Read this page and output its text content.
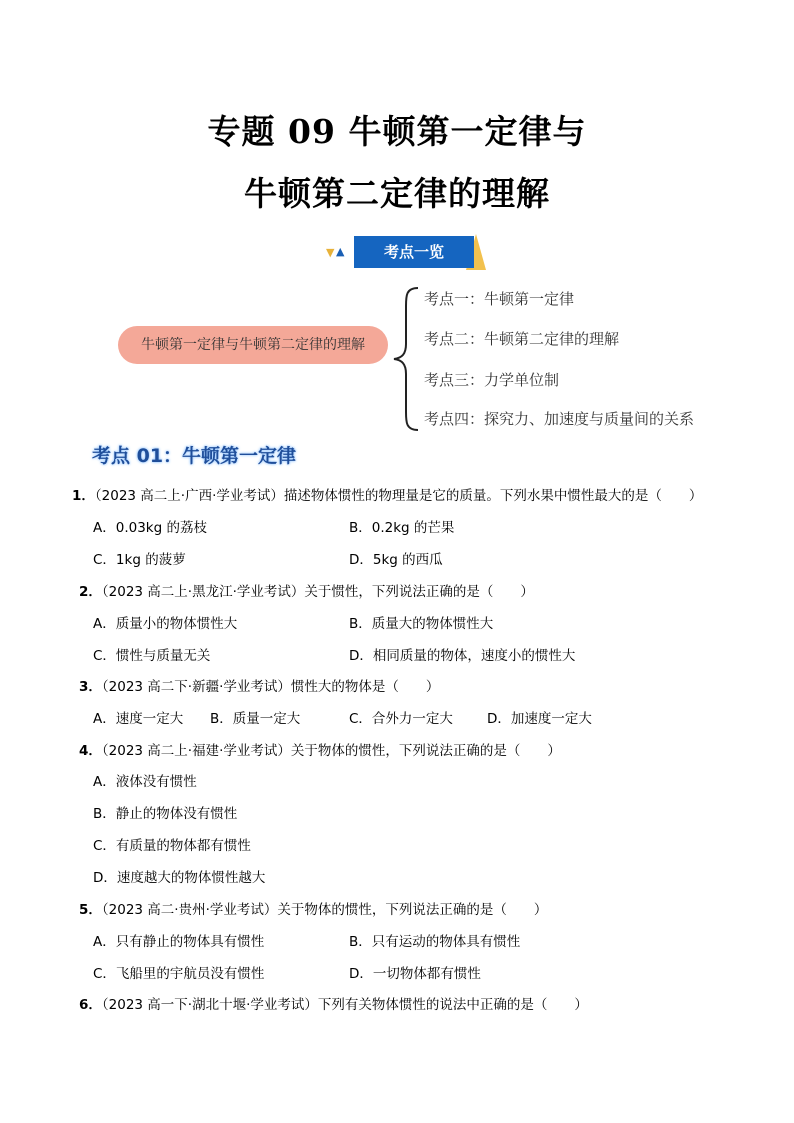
专题 09 牛顿第一定律与
牛顿第二定律的理解
▼ ▲	考点一览
牛顿第一定律与牛顿第二定律的理解
考点一：牛顿第一定律
考点二：牛顿第二定律的理解
考点三：力学单位制
考点四：探究力、加速度与质量间的关系
考点 01：牛顿第一定律
1．（2023 高二上·广西·学业考试）描述物体惯性的物理量是它的质量。下列水果中惯性最大的是（　　）
A．0.03kg 的荔枝	B．0.2kg 的芒果
C．1kg 的菠萝	D．5kg 的西瓜
2．（2023 高二上·黑龙江·学业考试）关于惯性，下列说法正确的是（　　）
A．质量小的物体惯性大	B．质量大的物体惯性大
C．惯性与质量无关	D．相同质量的物体，速度小的惯性大
3．（2023 高二下·新疆·学业考试）惯性大的物体是（　　）
A．速度一定大 B．质量一定大	C．合外力一定大	D．加速度一定大
4．（2023 高二上·福建·学业考试）关于物体的惯性，下列说法正确的是（　　）
A．液体没有惯性
B．静止的物体没有惯性
C．有质量的物体都有惯性
D．速度越大的物体惯性越大
5．（2023 高二·贵州·学业考试）关于物体的惯性，下列说法正确的是（　　）
A．只有静止的物体具有惯性	B．只有运动的物体具有惯性
C．飞船里的宇航员没有惯性	D．一切物体都有惯性
6．（2023 高一下·湖北十堰·学业考试）下列有关物体惯性的说法中正确的是（　　）
